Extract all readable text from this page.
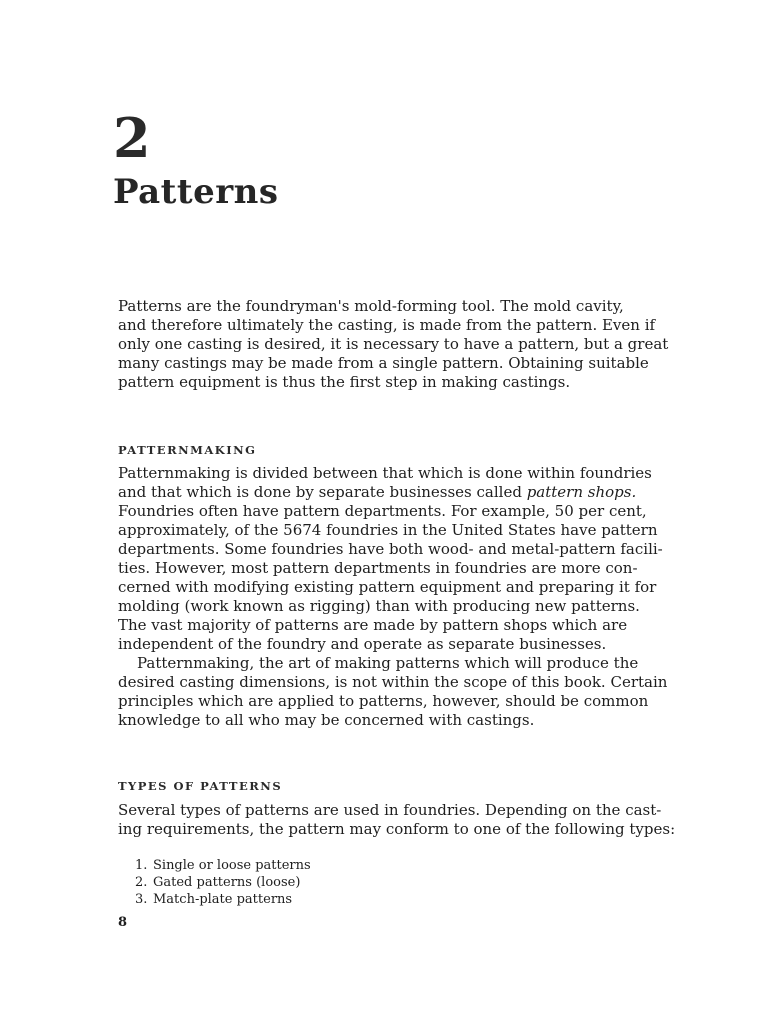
2
Patterns
Patterns are the foundryman's mold-forming tool. The mold cavity,
and therefore ultimately the casting, is made from the pattern. Even if
only one casting is desired, it is necessary to have a pattern, but a great
many castings may be made from a single pattern. Obtaining suitable
pattern equipment is thus the first step in making castings.
PATTERNMAKING
Patternmaking is divided between that which is done within foundries
and that which is done by separate businesses called pattern shops.
Foundries often have pattern departments. For example, 50 per cent,
approximately, of the 5674 foundries in the United States have pattern
departments. Some foundries have both wood- and metal-pattern facili-
ties. However, most pattern departments in foundries are more con-
cerned with modifying existing pattern equipment and preparing it for
molding (work known as rigging) than with producing new patterns.
The vast majority of patterns are made by pattern shops which are
independent of the foundry and operate as separate businesses.
Patternmaking, the art of making patterns which will produce the
desired casting dimensions, is not within the scope of this book. Certain
principles which are applied to patterns, however, should be common
knowledge to all who may be concerned with castings.
TYPES OF PATTERNS
Several types of patterns are used in foundries. Depending on the cast-
ing requirements, the pattern may conform to one of the following types:
1. Single or loose patterns
2. Gated patterns (loose)
3. Match-plate patterns
8
